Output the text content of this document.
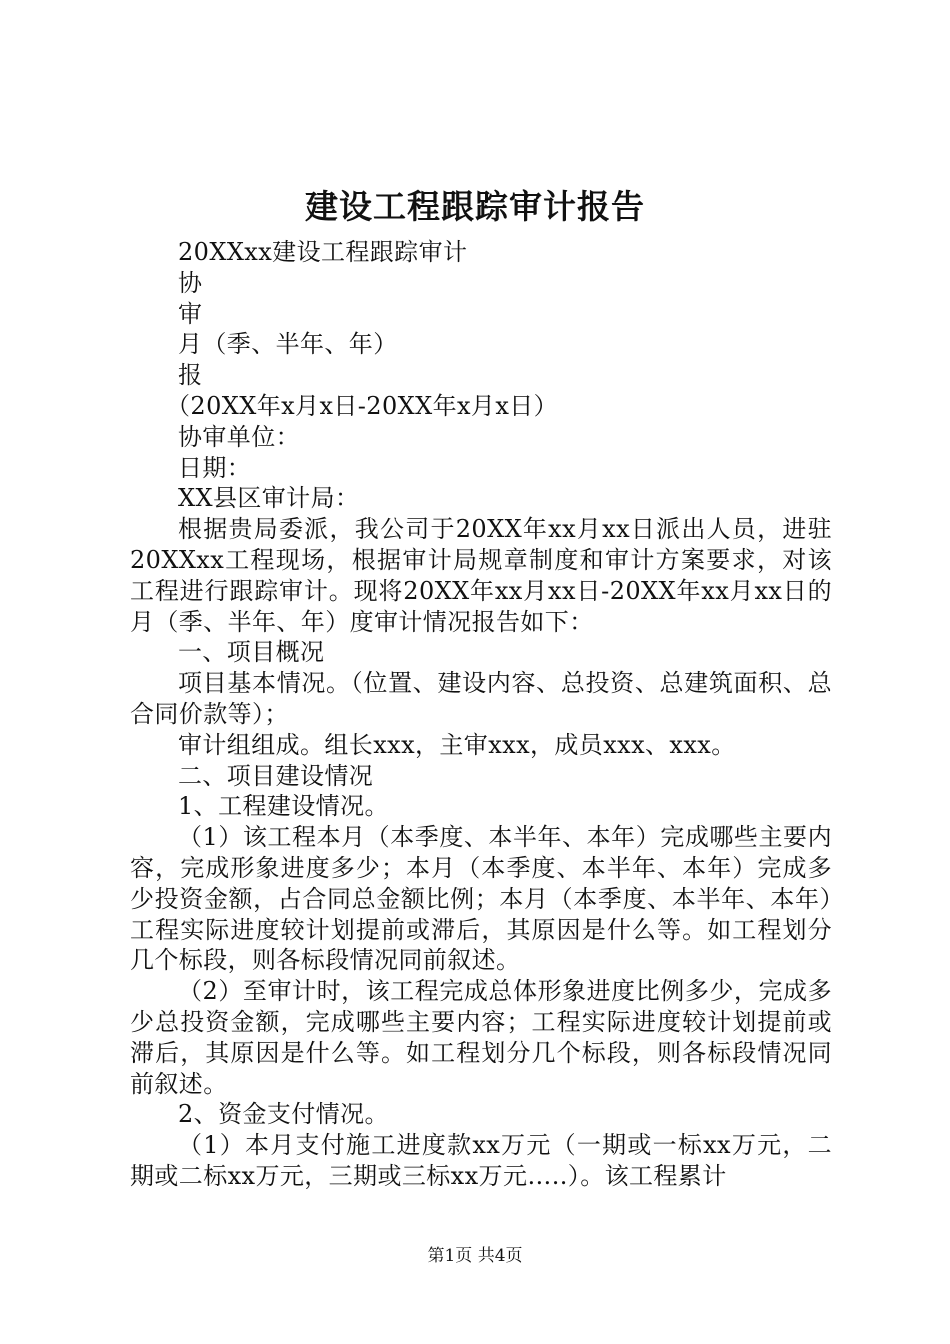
建设工程跟踪审计报告

20XXxx建设工程跟踪审计

协

审

月（季、半年、年）

报

（20XX年x月x日-20XX年x月x日）

协审单位：

日期：

XX县区审计局：

根据贵局委派，我公司于20XX年xx月xx日派出人员，进驻20XXxx工程现场，根据审计局规章制度和审计方案要求，对该工程进行跟踪审计。现将20XX年xx月xx日-20XX年xx月xx日的月（季、半年、年）度审计情况报告如下：

一、项目概况

项目基本情况。（位置、建设内容、总投资、总建筑面积、总合同价款等）；

审计组组成。组长xxx，主审xxx，成员xxx、xxx。

二、项目建设情况

1、工程建设情况。

（1）该工程本月（本季度、本半年、本年）完成哪些主要内容，完成形象进度多少；本月（本季度、本半年、本年）完成多少投资金额，占合同总金额比例；本月（本季度、本半年、本年）工程实际进度较计划提前或滞后，其原因是什么等。如工程划分几个标段，则各标段情况同前叙述。

（2）至审计时，该工程完成总体形象进度比例多少，完成多少总投资金额，完成哪些主要内容；工程实际进度较计划提前或滞后，其原因是什么等。如工程划分几个标段，则各标段情况同前叙述。

2、资金支付情况。

（1）本月支付施工进度款xx万元（一期或一标xx万元，二期或二标xx万元，三期或三标xx万元…..）。该工程累计

第1页 共4页
